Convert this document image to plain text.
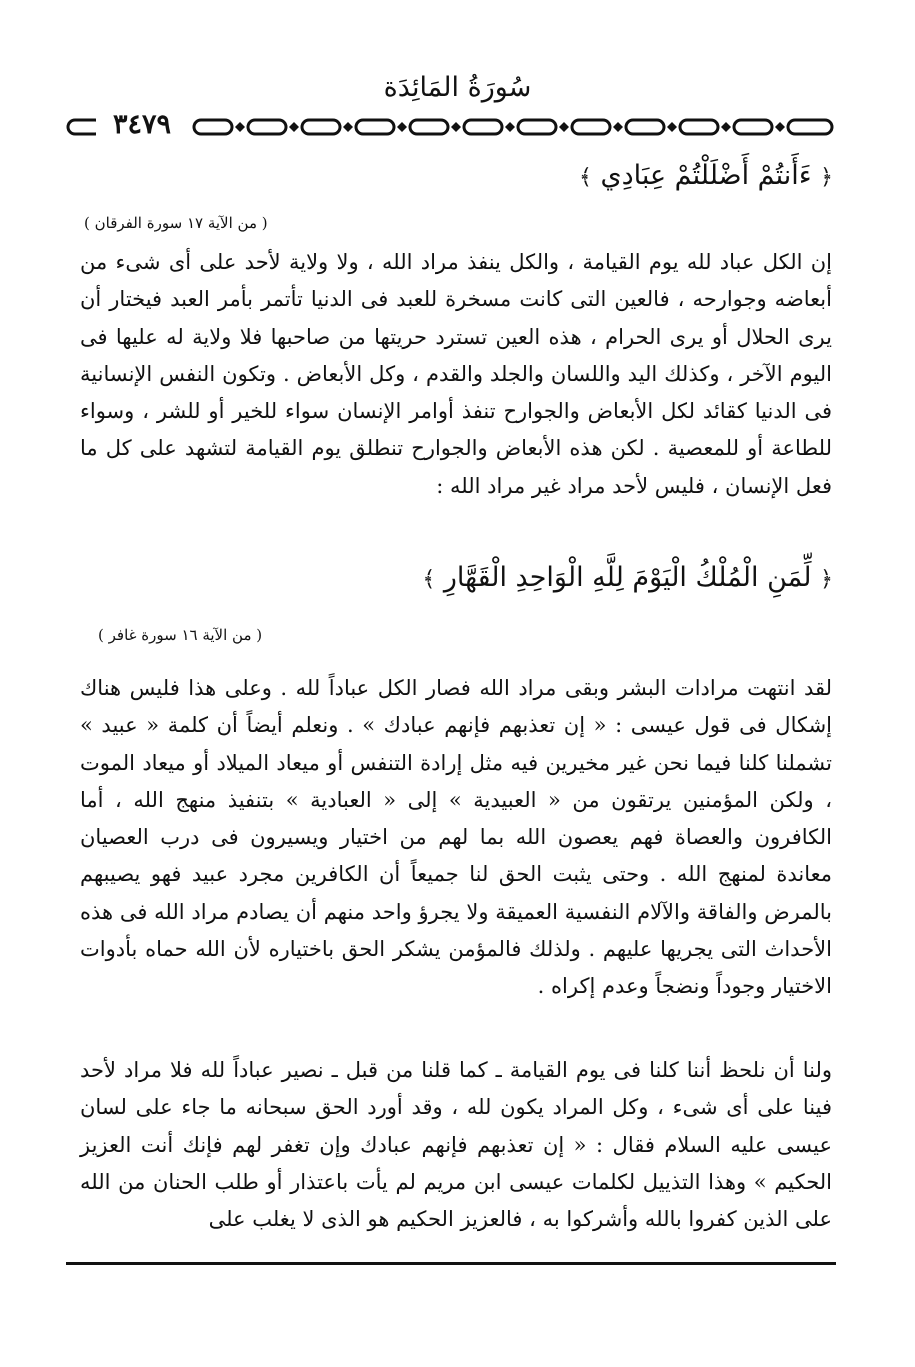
سُورَةُ المَائِدَة
٣٤٧٩
﴿ ءَأَنتُمْ أَضْلَلْتُمْ عِبَادِي ﴾
( من الآية ١٧ سورة الفرقان )

إن الكل عباد لله يوم القيامة ، والكل ينفذ مراد الله ، ولا ولاية لأحد على أى شىء من أبعاضه وجوارحه ، فالعين التى كانت مسخرة للعبد فى الدنيا تأتمر بأمر العبد فيختار أن يرى الحلال أو يرى الحرام ، هذه العين تسترد حريتها من صاحبها فلا ولاية له عليها فى اليوم الآخر ، وكذلك اليد واللسان والجلد والقدم ، وكل الأبعاض . وتكون النفس الإنسانية فى الدنيا كقائد لكل الأبعاض والجوارح تنفذ أوامر الإنسان سواء للخير أو للشر ، وسواء للطاعة أو للمعصية . لكن هذه الأبعاض والجوارح تنطلق يوم القيامة لتشهد على كل ما فعل الإنسان ، فليس لأحد مراد غير مراد الله :

﴿ لِّمَنِ الْمُلْكُ الْيَوْمَ لِلَّهِ الْوَاحِدِ الْقَهَّارِ ﴾
( من الآية ١٦ سورة غافر )

لقد انتهت مرادات البشر وبقى مراد الله فصار الكل عباداً لله . وعلى هذا فليس هناك إشكال فى قول عيسى : « إن تعذبهم فإنهم عبادك » . ونعلم أيضاً أن كلمة « عبيد » تشملنا كلنا فيما نحن غير مخيرين فيه مثل إرادة التنفس أو ميعاد الميلاد أو ميعاد الموت ، ولكن المؤمنين يرتقون من « العبيدية » إلى « العبادية » بتنفيذ منهج الله ، أما الكافرون والعصاة فهم يعصون الله بما لهم من اختيار ويسيرون فى درب العصيان معاندة لمنهج الله . وحتى يثبت الحق لنا جميعاً أن الكافرين مجرد عبيد فهو يصيبهم بالمرض والفاقة والآلام النفسية العميقة ولا يجرؤ واحد منهم أن يصادم مراد الله فى هذه الأحداث التى يجريها عليهم . ولذلك فالمؤمن يشكر الحق باختياره لأن الله حماه بأدوات الاختيار وجوداً ونضجاً وعدم إكراه .

ولنا أن نلحظ أننا كلنا فى يوم القيامة ـ كما قلنا من قبل ـ نصير عباداً لله فلا مراد لأحد فينا على أى شىء ، وكل المراد يكون لله ، وقد أورد الحق سبحانه ما جاء على لسان عيسى عليه السلام فقال : « إن تعذبهم فإنهم عبادك وإن تغفر لهم فإنك أنت العزيز الحكيم » وهذا التذييل لكلمات عيسى ابن مريم لم يأت باعتذار أو طلب الحنان من الله على الذين كفروا بالله وأشركوا به ، فالعزيز الحكيم هو الذى لا يغلب على
